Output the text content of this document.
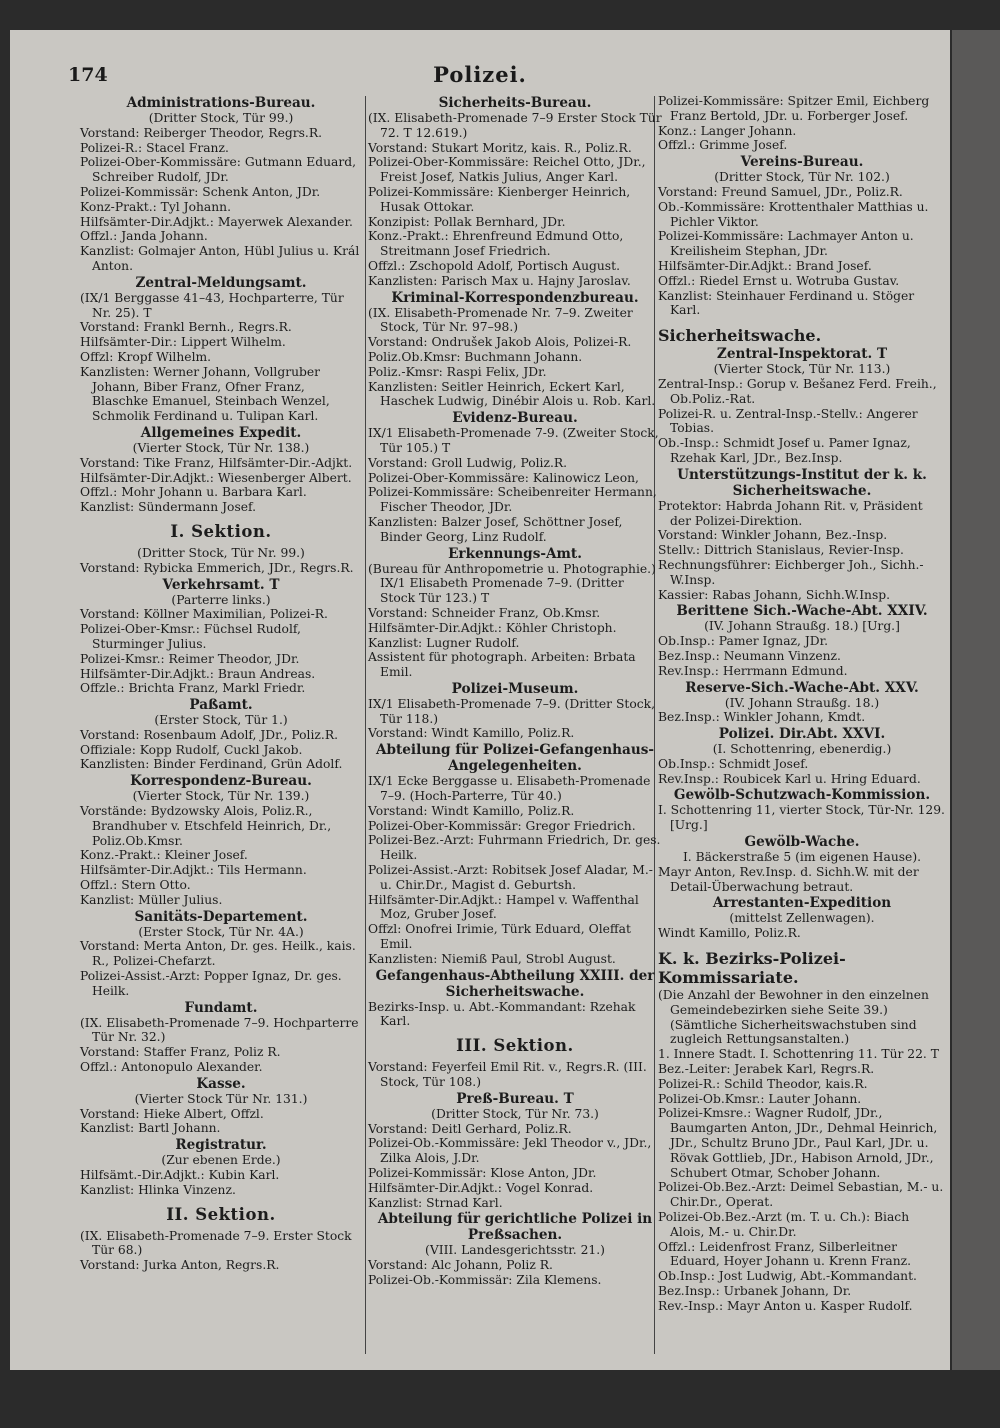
174	Polizei.
Administrations-Bureau.

(Dritter Stock, Tür 99.)

Vorstand: Reiberger Theodor, Regrs.R.

Polizei-R.: Stacel Franz.

Polizei-Ober-Kommissäre: Gutmann Eduard, Schreiber Rudolf, JDr.

Polizei-Kommissär: Schenk Anton, JDr.

Konz-Prakt.: Tyl Johann.

Hilfsämter-Dir.Adjkt.: Mayerwek Alexander.

Offzl.: Janda Johann.

Kanzlist: Golmajer Anton, Hübl Julius u. Král Anton.

Zentral-Meldungsamt.

(IX/1 Berggasse 41–43, Hochparterre, Tür Nr. 25). T

Vorstand: Frankl Bernh., Regrs.R.

Hilfsämter-Dir.: Lippert Wilhelm.

Offzl: Kropf Wilhelm.

Kanzlisten: Werner Johann, Vollgruber Johann, Biber Franz, Ofner Franz, Blaschke Emanuel, Steinbach Wenzel, Schmolik Ferdinand u. Tulipan Karl.

Allgemeines Expedit.

(Vierter Stock, Tür Nr. 138.)

Vorstand: Tike Franz, Hilfsämter-Dir.-Adjkt.

Hilfsämter-Dir.Adjkt.: Wiesenberger Albert.

Offzl.: Mohr Johann u. Barbara Karl.

Kanzlist: Sündermann Josef.

I. Sektion.

(Dritter Stock, Tür Nr. 99.)

Vorstand: Rybicka Emmerich, JDr., Regrs.R.

Verkehrsamt. T

(Parterre links.)

Vorstand: Köllner Maximilian, Polizei-R.

Polizei-Ober-Kmsr.: Füchsel Rudolf, Sturminger Julius.

Polizei-Kmsr.: Reimer Theodor, JDr.

Hilfsämter-Dir.Adjkt.: Braun Andreas.

Offzle.: Brichta Franz, Markl Friedr.

Paßamt.

(Erster Stock, Tür 1.)

Vorstand: Rosenbaum Adolf, JDr., Poliz.R.

Offiziale: Kopp Rudolf, Cuckl Jakob.

Kanzlisten: Binder Ferdinand, Grün Adolf.

Korrespondenz-Bureau.

(Vierter Stock, Tür Nr. 139.)

Vorstände: Bydzowsky Alois, Poliz.R., Brandhuber v. Etschfeld Heinrich, Dr., Poliz.Ob.Kmsr.

Konz.-Prakt.: Kleiner Josef.

Hilfsämter-Dir.Adjkt.: Tils Hermann.

Offzl.: Stern Otto.

Kanzlist: Müller Julius.

Sanitäts-Departement.

(Erster Stock, Tür Nr. 4A.)

Vorstand: Merta Anton, Dr. ges. Heilk., kais. R., Polizei-Chefarzt.

Polizei-Assist.-Arzt: Popper Ignaz, Dr. ges. Heilk.

Fundamt.

(IX. Elisabeth-Promenade 7–9. Hochparterre Tür Nr. 32.)

Vorstand: Staffer Franz, Poliz R.

Offzl.: Antonopulo Alexander.

Kasse.

(Vierter Stock Tür Nr. 131.)

Vorstand: Hieke Albert, Offzl.

Kanzlist: Bartl Johann.

Registratur.

(Zur ebenen Erde.)

Hilfsämt.-Dir.Adjkt.: Kubin Karl.

Kanzlist: Hlinka Vinzenz.

II. Sektion.

(IX. Elisabeth-Promenade 7–9. Erster Stock Tür 68.)

Vorstand: Jurka Anton, Regrs.R.

Sicherheits-Bureau.

(IX. Elisabeth-Promenade 7–9 Erster Stock Tür 72. T 12.619.)

Vorstand: Stukart Moritz, kais. R., Poliz.R.

Polizei-Ober-Kommissäre: Reichel Otto, JDr., Freist Josef, Natkis Julius, Anger Karl.

Polizei-Kommissäre: Kienberger Heinrich, Husak Ottokar.

Konzipist: Pollak Bernhard, JDr.

Konz.-Prakt.: Ehrenfreund Edmund Otto, Streitmann Josef Friedrich.

Offzl.: Zschopold Adolf, Portisch August.

Kanzlisten: Parisch Max u. Hajny Jaroslav.

Kriminal-Korrespondenzbureau.

(IX. Elisabeth-Promenade Nr. 7–9. Zweiter Stock, Tür Nr. 97–98.)

Vorstand: Ondrušek Jakob Alois, Polizei-R.

Poliz.Ob.Kmsr: Buchmann Johann.

Poliz.-Kmsr: Raspi Felix, JDr.

Kanzlisten: Seitler Heinrich, Eckert Karl, Haschek Ludwig, Dinébir Alois u. Rob. Karl.

Evidenz-Bureau.

IX/1 Elisabeth-Promenade 7-9. (Zweiter Stock, Tür 105.) T

Vorstand: Groll Ludwig, Poliz.R.

Polizei-Ober-Kommissäre: Kalinowicz Leon,

Polizei-Kommissäre: Scheibenreiter Hermann, Fischer Theodor, JDr.

Kanzlisten: Balzer Josef, Schöttner Josef, Binder Georg, Linz Rudolf.

Erkennungs-Amt.

(Bureau für Anthropometrie u. Photographie.) IX/1 Elisabeth Promenade 7–9. (Dritter Stock Tür 123.) T

Vorstand: Schneider Franz, Ob.Kmsr.

Hilfsämter-Dir.Adjkt.: Köhler Christoph.

Kanzlist: Lugner Rudolf.

Assistent für photograph. Arbeiten: Brbata Emil.

Polizei-Museum.

IX/1 Elisabeth-Promenade 7–9. (Dritter Stock, Tür 118.)

Vorstand: Windt Kamillo, Poliz.R.

Abteilung für Polizei-Gefangenhaus-Angelegenheiten.

IX/1 Ecke Berggasse u. Elisabeth-Promenade 7–9. (Hoch-Parterre, Tür 40.)

Vorstand: Windt Kamillo, Poliz.R.

Polizei-Ober-Kommissär: Gregor Friedrich.

Polizei-Bez.-Arzt: Fuhrmann Friedrich, Dr. ges. Heilk.

Polizei-Assist.-Arzt: Robitsek Josef Aladar, M.-u. Chir.Dr., Magist d. Geburtsh.

Hilfsämter-Dir.Adjkt.: Hampel v. Waffenthal Moz, Gruber Josef.

Offzl: Onofrei Irimie, Türk Eduard, Oleffat Emil.

Kanzlisten: Niemiß Paul, Strobl August.

Gefangenhaus-Abtheilung XXIII. der Sicherheitswache.

Bezirks-Insp. u. Abt.-Kommandant: Rzehak Karl.

III. Sektion.

Vorstand: Feyerfeil Emil Rit. v., Regrs.R. (III. Stock, Tür 108.)

Preß-Bureau. T

(Dritter Stock, Tür Nr. 73.)

Vorstand: Deitl Gerhard, Poliz.R.

Polizei-Ob.-Kommissäre: Jekl Theodor v., JDr., Zilka Alois, J.Dr.

Polizei-Kommissär: Klose Anton, JDr.

Hilfsämter-Dir.Adjkt.: Vogel Konrad.

Kanzlist: Strnad Karl.

Abteilung für gerichtliche Polizei in Preßsachen.

(VIII. Landesgerichtsstr. 21.)

Vorstand: Alc Johann, Poliz R.

Polizei-Ob.-Kommissär: Zila Klemens.

Polizei-Kommissäre: Spitzer Emil, Eichberg Franz Bertold, JDr. u. Forberger Josef.

Konz.: Langer Johann.

Offzl.: Grimme Josef.

Vereins-Bureau.

(Dritter Stock, Tür Nr. 102.)

Vorstand: Freund Samuel, JDr., Poliz.R.

Ob.-Kommissäre: Krottenthaler Matthias u. Pichler Viktor.

Polizei-Kommissäre: Lachmayer Anton u. Kreilisheim Stephan, JDr.

Hilfsämter-Dir.Adjkt.: Brand Josef.

Offzl.: Riedel Ernst u. Wotruba Gustav.

Kanzlist: Steinhauer Ferdinand u. Stöger Karl.

Sicherheitswache.
Zentral-Inspektorat. T

(Vierter Stock, Tür Nr. 113.)

Zentral-Insp.: Gorup v. Bešanez Ferd. Freih., Ob.Poliz.-Rat.

Polizei-R. u. Zentral-Insp.-Stellv.: Angerer Tobias.

Ob.-Insp.: Schmidt Josef u. Pamer Ignaz, Rzehak Karl, JDr., Bez.Insp.

Unterstützungs-Institut der k. k. Sicherheitswache.

Protektor: Habrda Johann Rit. v, Präsident der Polizei-Direktion.

Vorstand: Winkler Johann, Bez.-Insp.

Stellv.: Dittrich Stanislaus, Revier-Insp.

Rechnungsführer: Eichberger Joh., Sichh.-W.Insp.

Kassier: Rabas Johann, Sichh.W.Insp.

Berittene Sich.-Wache-Abt. XXIV.

(IV. Johann Straußg. 18.) [Urg.]

Ob.Insp.: Pamer Ignaz, JDr.

Bez.Insp.: Neumann Vinzenz.

Rev.Insp.: Herrmann Edmund.

Reserve-Sich.-Wache-Abt. XXV.

(IV. Johann Straußg. 18.)

Bez.Insp.: Winkler Johann, Kmdt.

Polizei. Dir.Abt. XXVI.

(I. Schottenring, ebenerdig.)

Ob.Insp.: Schmidt Josef.

Rev.Insp.: Roubicek Karl u. Hring Eduard.

Gewölb-Schutzwach-Kommission.

I. Schottenring 11, vierter Stock, Tür-Nr. 129. [Urg.]

Gewölb-Wache.

I. Bäckerstraße 5 (im eigenen Hause).

Mayr Anton, Rev.Insp. d. Sichh.W. mit der Detail-Überwachung betraut.

Arrestanten-Expedition

(mittelst Zellenwagen).

Windt Kamillo, Poliz.R.

K. k. Bezirks-Polizei-Kommissariate.

(Die Anzahl der Bewohner in den einzelnen Gemeindebezirken siehe Seite 39.) (Sämtliche Sicherheitswachstuben sind zugleich Rettungsanstalten.)

1. Innere Stadt. I. Schottenring 11. Tür 22. T

Bez.-Leiter: Jerabek Karl, Regrs.R.

Polizei-R.: Schild Theodor, kais.R.

Polizei-Ob.Kmsr.: Lauter Johann.

Polizei-Kmsre.: Wagner Rudolf, JDr., Baumgarten Anton, JDr., Dehmal Heinrich, JDr., Schultz Bruno JDr., Paul Karl, JDr. u. Rövak Gottlieb, JDr., Habison Arnold, JDr., Schubert Otmar, Schober Johann.

Polizei-Ob.Bez.-Arzt: Deimel Sebastian, M.- u. Chir.Dr., Operat.

Polizei-Ob.Bez.-Arzt (m. T. u. Ch.): Biach Alois, M.- u. Chir.Dr.

Offzl.: Leidenfrost Franz, Silberleitner Eduard, Hoyer Johann u. Krenn Franz.

Ob.Insp.: Jost Ludwig, Abt.-Kommandant.

Bez.Insp.: Urbanek Johann, Dr.

Rev.-Insp.: Mayr Anton u. Kasper Rudolf.
